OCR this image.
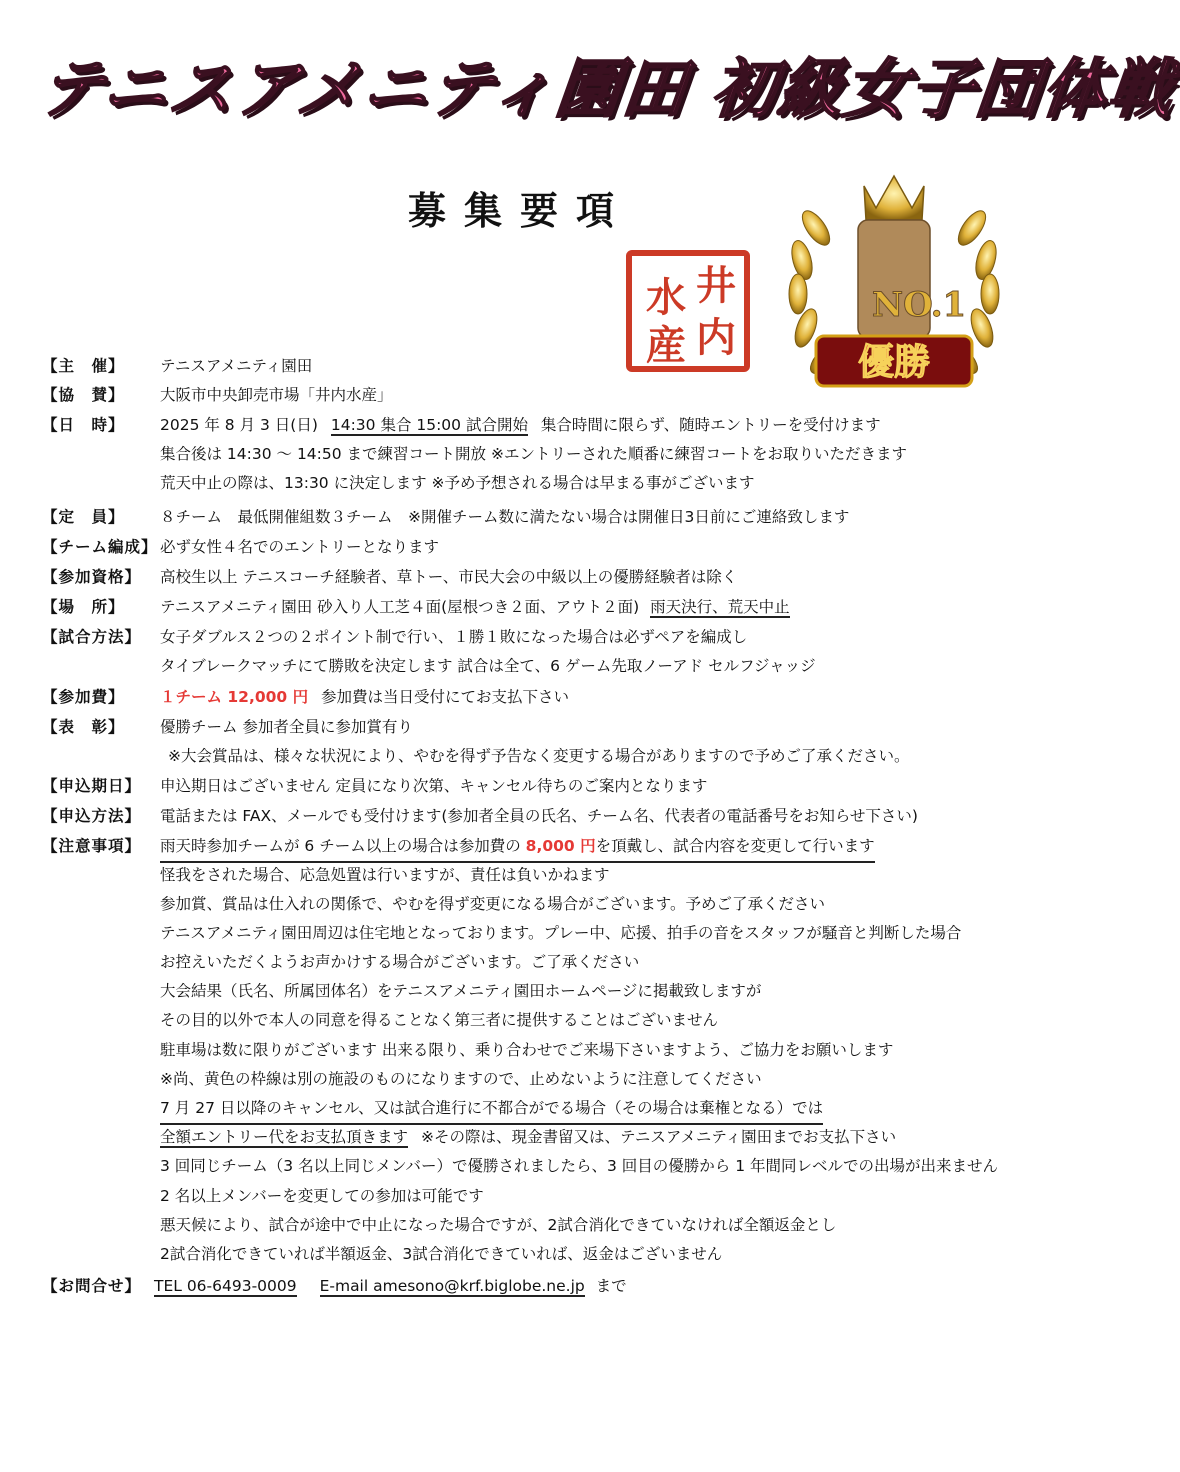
テニスアメニティ園田 初級女子団体戦
募集要項
井
内
水
産
NO.1
優勝
【主　催】 テニスアメニティ園田
【協　賛】 大阪市中央卸売市場「井内水産」
【日　時】 2025 年 8 月 3 日(日) 14:30 集合 15:00 試合開始 集合時間に限らず、随時エントリーを受付けます
集合後は 14:30 ～ 14:50 まで練習コート開放 ※エントリーされた順番に練習コートをお取りいただきます
荒天中止の際は、13:30 に決定します ※予め予想される場合は早まる事がございます
【定　員】 ８チーム　最低開催組数３チーム　※開催チーム数に満たない場合は開催日3日前にご連絡致します
【チーム編成】 必ず女性４名でのエントリーとなります
【参加資格】 高校生以上 テニスコーチ経験者、草トー、市民大会の中級以上の優勝経験者は除く
【場　所】 テニスアメニティ園田 砂入り人工芝４面(屋根つき２面、アウト２面) 雨天決行、荒天中止
【試合方法】 女子ダブルス２つの２ポイント制で行い、１勝１敗になった場合は必ずペアを編成し
タイブレークマッチにて勝敗を決定します 試合は全て、6 ゲーム先取ノーアド セルフジャッジ
【参加費】 １チーム 12,000 円 参加費は当日受付にてお支払下さい
【表　彰】 優勝チーム 参加者全員に参加賞有り
※大会賞品は、様々な状況により、やむを得ず予告なく変更する場合がありますので予めご了承ください。
【申込期日】 申込期日はございません 定員になり次第、キャンセル待ちのご案内となります
【申込方法】 電話または FAX、メールでも受付けます(参加者全員の氏名、チーム名、代表者の電話番号をお知らせ下さい)
【注意事項】 雨天時参加チームが 6 チーム以上の場合は参加費の 8,000 円を頂戴し、試合内容を変更して行います
怪我をされた場合、応急処置は行いますが、責任は負いかねます
参加賞、賞品は仕入れの関係で、やむを得ず変更になる場合がございます。予めご了承ください
テニスアメニティ園田周辺は住宅地となっております。プレー中、応援、拍手の音をスタッフが騒音と判断した場合
お控えいただくようお声かけする場合がございます。ご了承ください
大会結果（氏名、所属団体名）をテニスアメニティ園田ホームページに掲載致しますが
その目的以外で本人の同意を得ることなく第三者に提供することはございません
駐車場は数に限りがございます 出来る限り、乗り合わせでご来場下さいますよう、ご協力をお願いします
※尚、黄色の枠線は別の施設のものになりますので、止めないように注意してください
7 月 27 日以降のキャンセル、又は試合進行に不都合がでる場合（その場合は棄権となる）では
全額エントリー代をお支払頂きます ※その際は、現金書留又は、テニスアメニティ園田までお支払下さい
3 回同じチーム（3 名以上同じメンバー）で優勝されましたら、3 回目の優勝から 1 年間同レベルでの出場が出来ません
2 名以上メンバーを変更しての参加は可能です
悪天候により、試合が途中で中止になった場合ですが、2試合消化できていなければ全額返金とし
2試合消化できていれば半額返金、3試合消化できていれば、返金はございません
【お問合せ】 TEL 06-6493-0009 E-mail amesono@krf.biglobe.ne.jp まで
